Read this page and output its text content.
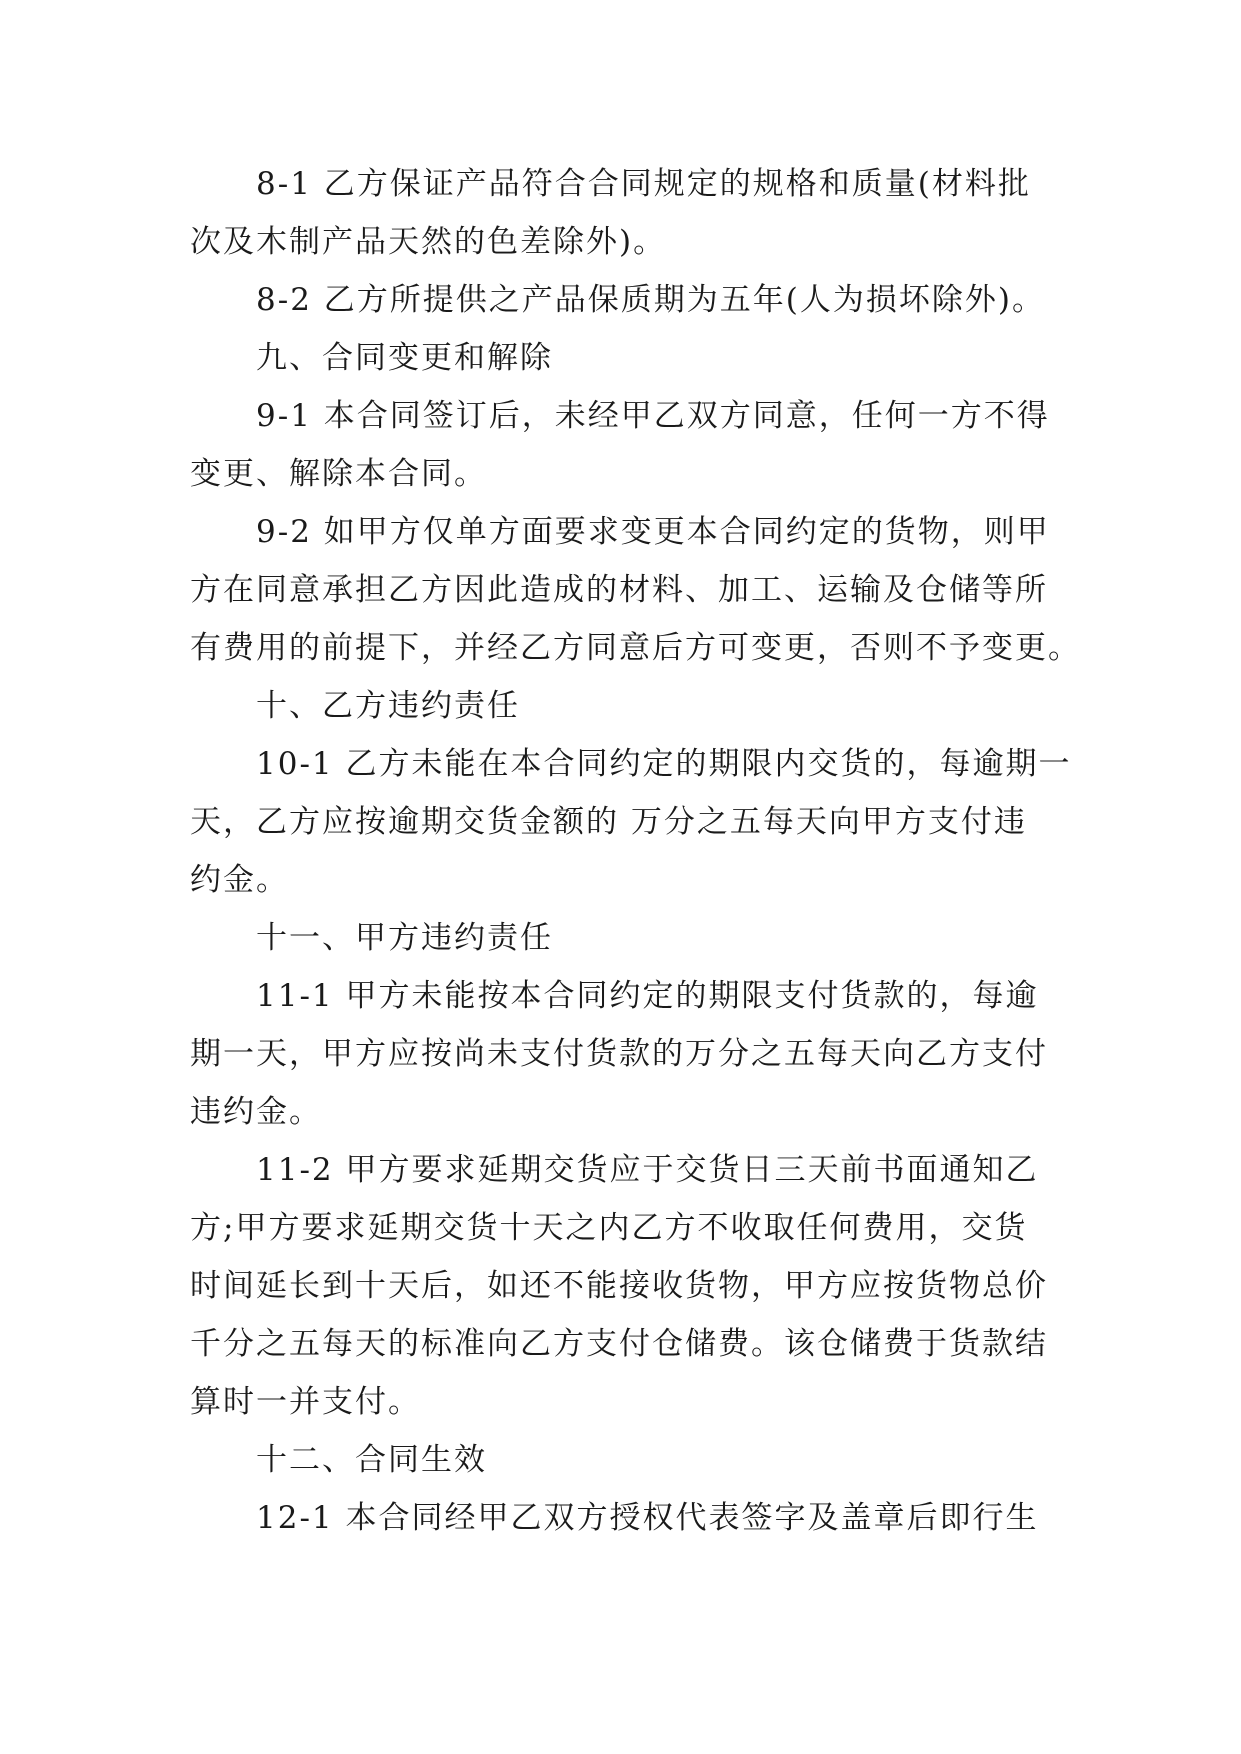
8-1 乙方保证产品符合合同规定的规格和质量(材料批
次及木制产品天然的色差除外)。
8-2 乙方所提供之产品保质期为五年(人为损坏除外)。
九、合同变更和解除
9-1 本合同签订后，未经甲乙双方同意，任何一方不得
变更、解除本合同。
9-2 如甲方仅单方面要求变更本合同约定的货物，则甲
方在同意承担乙方因此造成的材料、加工、运输及仓储等所
有费用的前提下，并经乙方同意后方可变更，否则不予变更。
十、乙方违约责任
10-1 乙方未能在本合同约定的期限内交货的，每逾期一
天，乙方应按逾期交货金额的 万分之五每天向甲方支付违
约金。
十一、甲方违约责任
11-1 甲方未能按本合同约定的期限支付货款的，每逾
期一天，甲方应按尚未支付货款的万分之五每天向乙方支付
违约金。
11-2 甲方要求延期交货应于交货日三天前书面通知乙
方;甲方要求延期交货十天之内乙方不收取任何费用，交货
时间延长到十天后，如还不能接收货物，甲方应按货物总价
千分之五每天的标准向乙方支付仓储费。该仓储费于货款结
算时一并支付。
十二、合同生效
12-1 本合同经甲乙双方授权代表签字及盖章后即行生
